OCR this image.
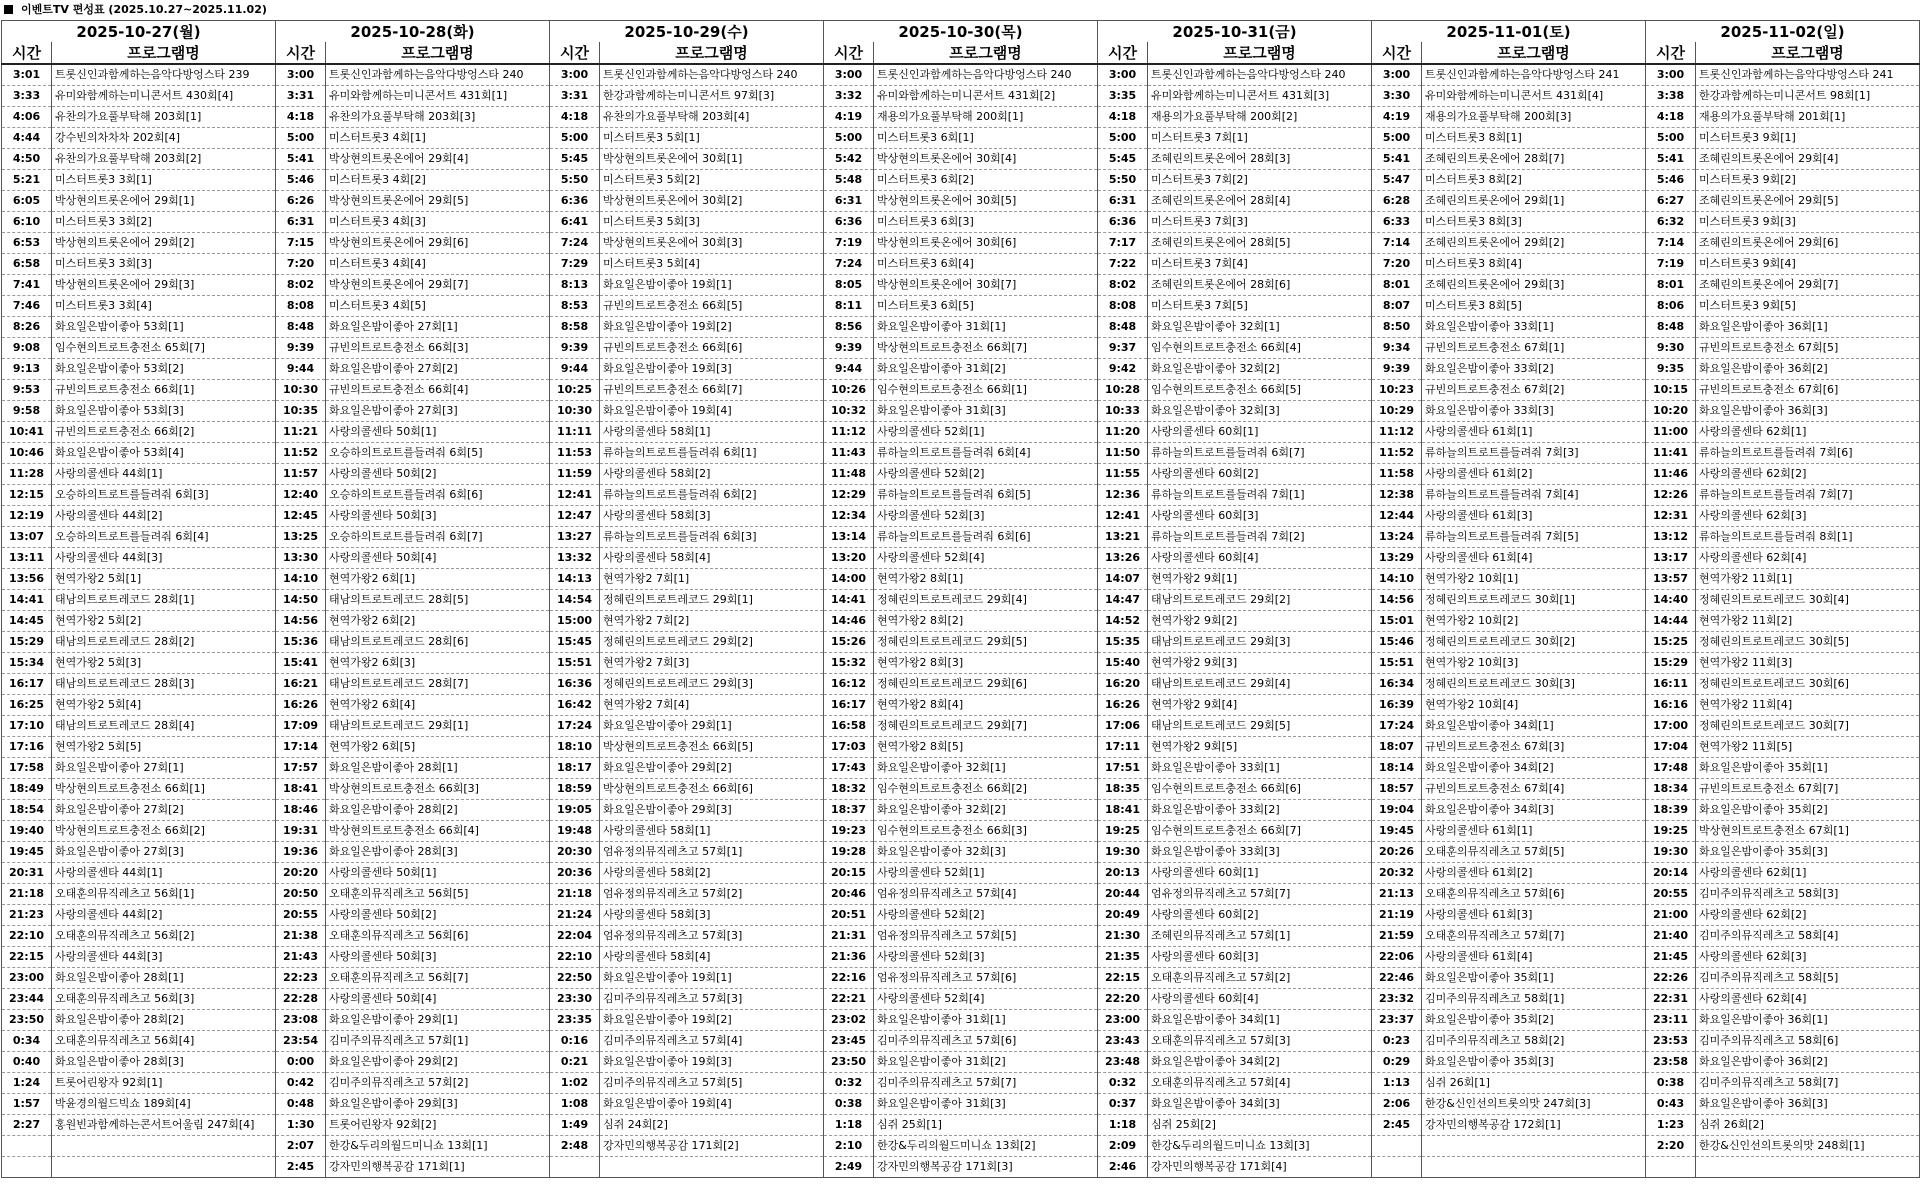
이벤트TV 편성표 (2025.10.27~2025.11.02)
2025-10-27(월)		2025-10-28(화)		2025-10-29(수)		2025-10-30(목)		2025-10-31(금)		2025-11-01(토)		2025-11-02(일)	
시간	프로그램명	시간	프로그램명	시간	프로그램명	시간	프로그램명	시간	프로그램명	시간	프로그램명	시간	프로그램명
3:01	트롯신인과함께하는음악다방엉스타 239	3:00	트롯신인과함께하는음악다방엉스타 240	3:00	트롯신인과함께하는음악다방엉스타 240	3:00	트롯신인과함께하는음악다방엉스타 240	3:00	트롯신인과함께하는음악다방엉스타 240	3:00	트롯신인과함께하는음악다방엉스타 241	3:00	트롯신인과함께하는음악다방엉스타 241
3:33	유미와함께하는미니콘서트 430회[4]	3:31	유미와함께하는미니콘서트 431회[1]	3:31	한강과함께하는미니콘서트 97회[3]	3:32	유미와함께하는미니콘서트 431회[2]	3:35	유미와함께하는미니콘서트 431회[3]	3:30	유미와함께하는미니콘서트 431회[4]	3:38	한강과함께하는미니콘서트 98회[1]
4:06	유찬의가요풀부탁해 203회[1]	4:18	유찬의가요풀부탁해 203회[3]	4:18	유찬의가요풀부탁해 203회[4]	4:19	재용의가요풀부탁해 200회[1]	4:18	재용의가요풀부탁해 200회[2]	4:19	재용의가요풀부탁해 200회[3]	4:18	재용의가요풀부탁해 201회[1]
4:44	강수빈의차차차 202회[4]	5:00	미스터트롯3 4회[1]	5:00	미스터트롯3 5회[1]	5:00	미스터트롯3 6회[1]	5:00	미스터트롯3 7회[1]	5:00	미스터트롯3 8회[1]	5:00	미스터트롯3 9회[1]
4:50	유찬의가요풀부탁해 203회[2]	5:41	박상현의트롯온에어 29회[4]	5:45	박상현의트롯온에어 30회[1]	5:42	박상현의트롯온에어 30회[4]	5:45	조혜린의트롯온에어 28회[3]	5:41	조혜린의트롯온에어 28회[7]	5:41	조혜린의트롯온에어 29회[4]
5:21	미스터트롯3 3회[1]	5:46	미스터트롯3 4회[2]	5:50	미스터트롯3 5회[2]	5:48	미스터트롯3 6회[2]	5:50	미스터트롯3 7회[2]	5:47	미스터트롯3 8회[2]	5:46	미스터트롯3 9회[2]
6:05	박상현의트롯온에어 29회[1]	6:26	박상현의트롯온에어 29회[5]	6:36	박상현의트롯온에어 30회[2]	6:31	박상현의트롯온에어 30회[5]	6:31	조혜린의트롯온에어 28회[4]	6:28	조혜린의트롯온에어 29회[1]	6:27	조혜린의트롯온에어 29회[5]
6:10	미스터트롯3 3회[2]	6:31	미스터트롯3 4회[3]	6:41	미스터트롯3 5회[3]	6:36	미스터트롯3 6회[3]	6:36	미스터트롯3 7회[3]	6:33	미스터트롯3 8회[3]	6:32	미스터트롯3 9회[3]
6:53	박상현의트롯온에어 29회[2]	7:15	박상현의트롯온에어 29회[6]	7:24	박상현의트롯온에어 30회[3]	7:19	박상현의트롯온에어 30회[6]	7:17	조혜린의트롯온에어 28회[5]	7:14	조혜린의트롯온에어 29회[2]	7:14	조혜린의트롯온에어 29회[6]
6:58	미스터트롯3 3회[3]	7:20	미스터트롯3 4회[4]	7:29	미스터트롯3 5회[4]	7:24	미스터트롯3 6회[4]	7:22	미스터트롯3 7회[4]	7:20	미스터트롯3 8회[4]	7:19	미스터트롯3 9회[4]
7:41	박상현의트롯온에어 29회[3]	8:02	박상현의트롯온에어 29회[7]	8:13	화요일은밤이좋아 19회[1]	8:05	박상현의트롯온에어 30회[7]	8:02	조혜린의트롯온에어 28회[6]	8:01	조혜린의트롯온에어 29회[3]	8:01	조혜린의트롯온에어 29회[7]
7:46	미스터트롯3 3회[4]	8:08	미스터트롯3 4회[5]	8:53	규빈의트로트충전소 66회[5]	8:11	미스터트롯3 6회[5]	8:08	미스터트롯3 7회[5]	8:07	미스터트롯3 8회[5]	8:06	미스터트롯3 9회[5]
8:26	화요일은밤이좋아 53회[1]	8:48	화요일은밤이좋아 27회[1]	8:58	화요일은밤이좋아 19회[2]	8:56	화요일은밤이좋아 31회[1]	8:48	화요일은밤이좋아 32회[1]	8:50	화요일은밤이좋아 33회[1]	8:48	화요일은밤이좋아 36회[1]
9:08	임수현의트로트충전소 65회[7]	9:39	규빈의트로트충전소 66회[3]	9:39	규빈의트로트충전소 66회[6]	9:39	박상현의트로트충전소 66회[7]	9:37	임수현의트로트충전소 66회[4]	9:34	규빈의트로트충전소 67회[1]	9:30	규빈의트로트충전소 67회[5]
9:13	화요일은밤이좋아 53회[2]	9:44	화요일은밤이좋아 27회[2]	9:44	화요일은밤이좋아 19회[3]	9:44	화요일은밤이좋아 31회[2]	9:42	화요일은밤이좋아 32회[2]	9:39	화요일은밤이좋아 33회[2]	9:35	화요일은밤이좋아 36회[2]
9:53	규빈의트로트충전소 66회[1]	10:30	규빈의트로트충전소 66회[4]	10:25	규빈의트로트충전소 66회[7]	10:26	임수현의트로트충전소 66회[1]	10:28	임수현의트로트충전소 66회[5]	10:23	규빈의트로트충전소 67회[2]	10:15	규빈의트로트충전소 67회[6]
9:58	화요일은밤이좋아 53회[3]	10:35	화요일은밤이좋아 27회[3]	10:30	화요일은밤이좋아 19회[4]	10:32	화요일은밤이좋아 31회[3]	10:33	화요일은밤이좋아 32회[3]	10:29	화요일은밤이좋아 33회[3]	10:20	화요일은밤이좋아 36회[3]
10:41	규빈의트로트충전소 66회[2]	11:21	사랑의콜센타 50회[1]	11:11	사랑의콜센타 58회[1]	11:12	사랑의콜센타 52회[1]	11:20	사랑의콜센타 60회[1]	11:12	사랑의콜센타 61회[1]	11:00	사랑의콜센타 62회[1]
10:46	화요일은밤이좋아 53회[4]	11:52	오승하의트로트를들려줘 6회[5]	11:53	류하늘의트로트를들려줘 6회[1]	11:43	류하늘의트로트를들려줘 6회[4]	11:50	류하늘의트로트를들려줘 6회[7]	11:52	류하늘의트로트를들려줘 7회[3]	11:41	류하늘의트로트를들려줘 7회[6]
11:28	사랑의콜센타 44회[1]	11:57	사랑의콜센타 50회[2]	11:59	사랑의콜센타 58회[2]	11:48	사랑의콜센타 52회[2]	11:55	사랑의콜센타 60회[2]	11:58	사랑의콜센타 61회[2]	11:46	사랑의콜센타 62회[2]
12:15	오승하의트로트를들려줘 6회[3]	12:40	오승하의트로트를들려줘 6회[6]	12:41	류하늘의트로트를들려줘 6회[2]	12:29	류하늘의트로트를들려줘 6회[5]	12:36	류하늘의트로트를들려줘 7회[1]	12:38	류하늘의트로트를들려줘 7회[4]	12:26	류하늘의트로트를들려줘 7회[7]
12:19	사랑의콜센타 44회[2]	12:45	사랑의콜센타 50회[3]	12:47	사랑의콜센타 58회[3]	12:34	사랑의콜센타 52회[3]	12:41	사랑의콜센타 60회[3]	12:44	사랑의콜센타 61회[3]	12:31	사랑의콜센타 62회[3]
13:07	오승하의트로트를들려줘 6회[4]	13:25	오승하의트로트를들려줘 6회[7]	13:27	류하늘의트로트를들려줘 6회[3]	13:14	류하늘의트로트를들려줘 6회[6]	13:21	류하늘의트로트를들려줘 7회[2]	13:24	류하늘의트로트를들려줘 7회[5]	13:12	류하늘의트로트를들려줘 8회[1]
13:11	사랑의콜센타 44회[3]	13:30	사랑의콜센타 50회[4]	13:32	사랑의콜센타 58회[4]	13:20	사랑의콜센타 52회[4]	13:26	사랑의콜센타 60회[4]	13:29	사랑의콜센타 61회[4]	13:17	사랑의콜센타 62회[4]
13:56	현역가왕2 5회[1]	14:10	현역가왕2 6회[1]	14:13	현역가왕2 7회[1]	14:00	현역가왕2 8회[1]	14:07	현역가왕2 9회[1]	14:10	현역가왕2 10회[1]	13:57	현역가왕2 11회[1]
14:41	태남의트로트레코드 28회[1]	14:50	태남의트로트레코드 28회[5]	14:54	정혜린의트로트레코드 29회[1]	14:41	정혜린의트로트레코드 29회[4]	14:47	태남의트로트레코드 29회[2]	14:56	정혜린의트로트레코드 30회[1]	14:40	정혜린의트로트레코드 30회[4]
14:45	현역가왕2 5회[2]	14:56	현역가왕2 6회[2]	15:00	현역가왕2 7회[2]	14:46	현역가왕2 8회[2]	14:52	현역가왕2 9회[2]	15:01	현역가왕2 10회[2]	14:44	현역가왕2 11회[2]
15:29	태남의트로트레코드 28회[2]	15:36	태남의트로트레코드 28회[6]	15:45	정혜린의트로트레코드 29회[2]	15:26	정혜린의트로트레코드 29회[5]	15:35	태남의트로트레코드 29회[3]	15:46	정혜린의트로트레코드 30회[2]	15:25	정혜린의트로트레코드 30회[5]
15:34	현역가왕2 5회[3]	15:41	현역가왕2 6회[3]	15:51	현역가왕2 7회[3]	15:32	현역가왕2 8회[3]	15:40	현역가왕2 9회[3]	15:51	현역가왕2 10회[3]	15:29	현역가왕2 11회[3]
16:17	태남의트로트레코드 28회[3]	16:21	태남의트로트레코드 28회[7]	16:36	정혜린의트로트레코드 29회[3]	16:12	정혜린의트로트레코드 29회[6]	16:20	태남의트로트레코드 29회[4]	16:34	정혜린의트로트레코드 30회[3]	16:11	정혜린의트로트레코드 30회[6]
16:25	현역가왕2 5회[4]	16:26	현역가왕2 6회[4]	16:42	현역가왕2 7회[4]	16:17	현역가왕2 8회[4]	16:26	현역가왕2 9회[4]	16:39	현역가왕2 10회[4]	16:16	현역가왕2 11회[4]
17:10	태남의트로트레코드 28회[4]	17:09	태남의트로트레코드 29회[1]	17:24	화요일은밤이좋아 29회[1]	16:58	정혜린의트로트레코드 29회[7]	17:06	태남의트로트레코드 29회[5]	17:24	화요일은밤이좋아 34회[1]	17:00	정혜린의트로트레코드 30회[7]
17:16	현역가왕2 5회[5]	17:14	현역가왕2 6회[5]	18:10	박상현의트로트충전소 66회[5]	17:03	현역가왕2 8회[5]	17:11	현역가왕2 9회[5]	18:07	규빈의트로트충전소 67회[3]	17:04	현역가왕2 11회[5]
17:58	화요일은밤이좋아 27회[1]	17:57	화요일은밤이좋아 28회[1]	18:17	화요일은밤이좋아 29회[2]	17:43	화요일은밤이좋아 32회[1]	17:51	화요일은밤이좋아 33회[1]	18:14	화요일은밤이좋아 34회[2]	17:48	화요일은밤이좋아 35회[1]
18:49	박상현의트로트충전소 66회[1]	18:41	박상현의트로트충전소 66회[3]	18:59	박상현의트로트충전소 66회[6]	18:32	임수현의트로트충전소 66회[2]	18:35	임수현의트로트충전소 66회[6]	18:57	규빈의트로트충전소 67회[4]	18:34	규빈의트로트충전소 67회[7]
18:54	화요일은밤이좋아 27회[2]	18:46	화요일은밤이좋아 28회[2]	19:05	화요일은밤이좋아 29회[3]	18:37	화요일은밤이좋아 32회[2]	18:41	화요일은밤이좋아 33회[2]	19:04	화요일은밤이좋아 34회[3]	18:39	화요일은밤이좋아 35회[2]
19:40	박상현의트로트충전소 66회[2]	19:31	박상현의트로트충전소 66회[4]	19:48	사랑의콜센타 58회[1]	19:23	임수현의트로트충전소 66회[3]	19:25	임수현의트로트충전소 66회[7]	19:45	사랑의콜센타 61회[1]	19:25	박상현의트로트충전소 67회[1]
19:45	화요일은밤이좋아 27회[3]	19:36	화요일은밤이좋아 28회[3]	20:30	엄유정의뮤직레츠고 57회[1]	19:28	화요일은밤이좋아 32회[3]	19:30	화요일은밤이좋아 33회[3]	20:26	오태훈의뮤직레츠고 57회[5]	19:30	화요일은밤이좋아 35회[3]
20:31	사랑의콜센타 44회[1]	20:20	사랑의콜센타 50회[1]	20:36	사랑의콜센타 58회[2]	20:15	사랑의콜센타 52회[1]	20:13	사랑의콜센타 60회[1]	20:32	사랑의콜센타 61회[2]	20:14	사랑의콜센타 62회[1]
21:18	오태훈의뮤직레츠고 56회[1]	20:50	오태훈의뮤직레츠고 56회[5]	21:18	엄유정의뮤직레츠고 57회[2]	20:46	엄유정의뮤직레츠고 57회[4]	20:44	엄유정의뮤직레츠고 57회[7]	21:13	오태훈의뮤직레츠고 57회[6]	20:55	김미주의뮤직레츠고 58회[3]
21:23	사랑의콜센타 44회[2]	20:55	사랑의콜센타 50회[2]	21:24	사랑의콜센타 58회[3]	20:51	사랑의콜센타 52회[2]	20:49	사랑의콜센타 60회[2]	21:19	사랑의콜센타 61회[3]	21:00	사랑의콜센타 62회[2]
22:10	오태훈의뮤직레츠고 56회[2]	21:38	오태훈의뮤직레츠고 56회[6]	22:04	엄유정의뮤직레츠고 57회[3]	21:31	엄유정의뮤직레츠고 57회[5]	21:30	조혜린의뮤직레츠고 57회[1]	21:59	오태훈의뮤직레츠고 57회[7]	21:40	김미주의뮤직레츠고 58회[4]
22:15	사랑의콜센타 44회[3]	21:43	사랑의콜센타 50회[3]	22:10	사랑의콜센타 58회[4]	21:36	사랑의콜센타 52회[3]	21:35	사랑의콜센타 60회[3]	22:06	사랑의콜센타 61회[4]	21:45	사랑의콜센타 62회[3]
23:00	화요일은밤이좋아 28회[1]	22:23	오태훈의뮤직레츠고 56회[7]	22:50	화요일은밤이좋아 19회[1]	22:16	엄유정의뮤직레츠고 57회[6]	22:15	오태훈의뮤직레츠고 57회[2]	22:46	화요일은밤이좋아 35회[1]	22:26	김미주의뮤직레츠고 58회[5]
23:44	오태훈의뮤직레츠고 56회[3]	22:28	사랑의콜센타 50회[4]	23:30	김미주의뮤직레츠고 57회[3]	22:21	사랑의콜센타 52회[4]	22:20	사랑의콜센타 60회[4]	23:32	김미주의뮤직레츠고 58회[1]	22:31	사랑의콜센타 62회[4]
23:50	화요일은밤이좋아 28회[2]	23:08	화요일은밤이좋아 29회[1]	23:35	화요일은밤이좋아 19회[2]	23:02	화요일은밤이좋아 31회[1]	23:00	화요일은밤이좋아 34회[1]	23:37	화요일은밤이좋아 35회[2]	23:11	화요일은밤이좋아 36회[1]
0:34	오태훈의뮤직레츠고 56회[4]	23:54	김미주의뮤직레츠고 57회[1]	0:16	김미주의뮤직레츠고 57회[4]	23:45	김미주의뮤직레츠고 57회[6]	23:43	오태훈의뮤직레츠고 57회[3]	0:23	김미주의뮤직레츠고 58회[2]	23:53	김미주의뮤직레츠고 58회[6]
0:40	화요일은밤이좋아 28회[3]	0:00	화요일은밤이좋아 29회[2]	0:21	화요일은밤이좋아 19회[3]	23:50	화요일은밤이좋아 31회[2]	23:48	화요일은밤이좋아 34회[2]	0:29	화요일은밤이좋아 35회[3]	23:58	화요일은밤이좋아 36회[2]
1:24	트롯어린왕자 92회[1]	0:42	김미주의뮤직레츠고 57회[2]	1:02	김미주의뮤직레츠고 57회[5]	0:32	김미주의뮤직레츠고 57회[7]	0:32	오태훈의뮤직레츠고 57회[4]	1:13	심쥐 26회[1]	0:38	김미주의뮤직레츠고 58회[7]
1:57	박윤경의월드빅쇼 189회[4]	0:48	화요일은밤이좋아 29회[3]	1:08	화요일은밤이좋아 19회[4]	0:38	화요일은밤이좋아 31회[3]	0:37	화요일은밤이좋아 34회[3]	2:06	한강&신인선의트롯의맛 247회[3]	0:43	화요일은밤이좋아 36회[3]
2:27	홍원빈과함께하는콘서트어울림 247회[4]	1:30	트롯어린왕자 92회[2]	1:49	심쥐 24회[2]	1:18	심쥐 25회[1]	1:18	심쥐 25회[2]	2:45	강자민의행복공감 172회[1]	1:23	심쥐 26회[2]
		2:07	한강&두리의월드미니쇼 13회[1]	2:48	강자민의행복공감 171회[2]	2:10	한강&두리의월드미니쇼 13회[2]	2:09	한강&두리의월드미니쇼 13회[3]			2:20	한강&신인선의트롯의맛 248회[1]
		2:45	강자민의행복공감 171회[1]			2:49	강자민의행복공감 171회[3]	2:46	강자민의행복공감 171회[4]				
